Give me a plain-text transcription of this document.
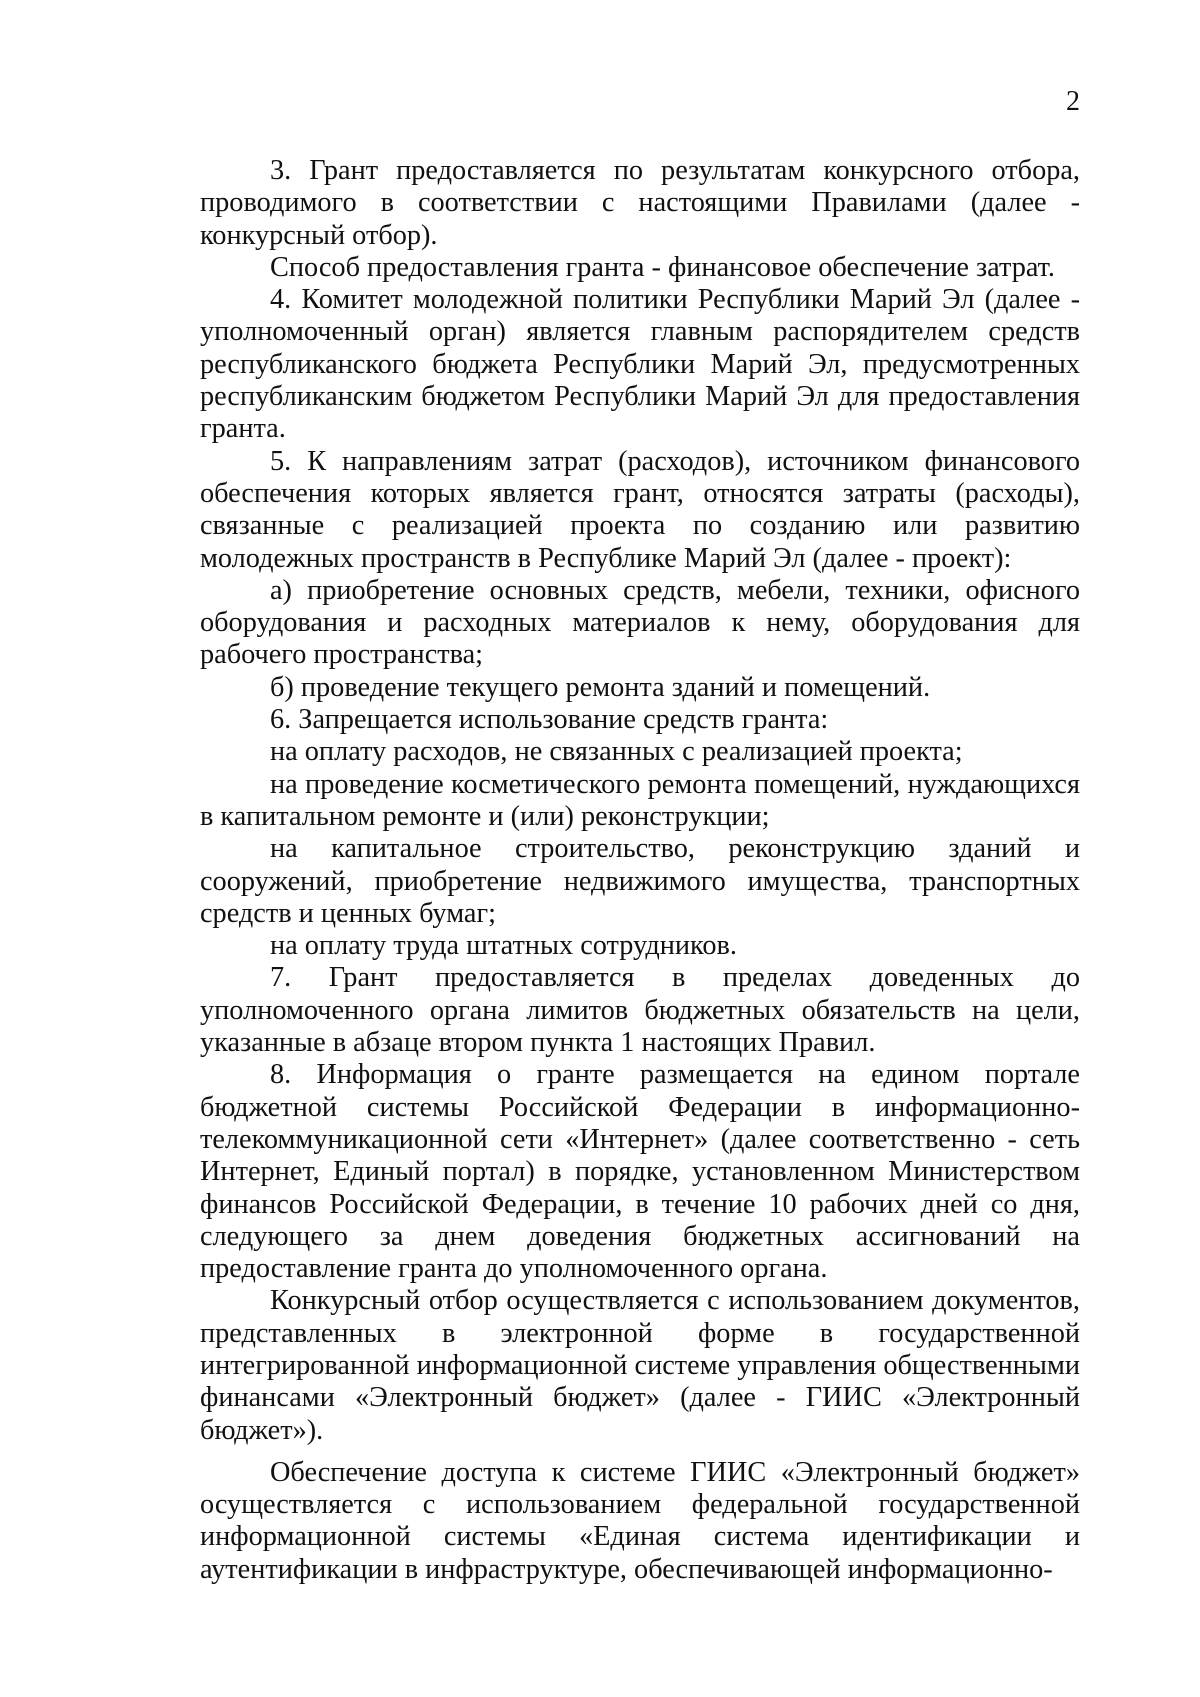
2

3. Грант предоставляется по результатам конкурсного отбора, проводимого в соответствии с настоящими Правилами (далее - конкурсный отбор).

Способ предоставления гранта - финансовое обеспечение затрат.

4. Комитет молодежной политики Республики Марий Эл (далее - уполномоченный орган) является главным распорядителем средств республиканского бюджета Республики Марий Эл, предусмотренных республиканским бюджетом Республики Марий Эл для предоставления гранта.

5. К направлениям затрат (расходов), источником финансового обеспечения которых является грант, относятся затраты (расходы), связанные с реализацией проекта по созданию или развитию молодежных пространств в Республике Марий Эл (далее - проект):

а) приобретение основных средств, мебели, техники, офисного оборудования и расходных материалов к нему, оборудования для рабочего пространства;

б) проведение текущего ремонта зданий и помещений.

6. Запрещается использование средств гранта:

на оплату расходов, не связанных с реализацией проекта;

на проведение косметического ремонта помещений, нуждающихся в капитальном ремонте и (или) реконструкции;

на капитальное строительство, реконструкцию зданий и сооружений, приобретение недвижимого имущества, транспортных средств и ценных бумаг;

на оплату труда штатных сотрудников.

7. Грант предоставляется в пределах доведенных до уполномоченного органа лимитов бюджетных обязательств на цели, указанные в абзаце втором пункта 1 настоящих Правил.

8. Информация о гранте размещается на едином портале бюджетной системы Российской Федерации в информационно-телекоммуникационной сети «Интернет» (далее соответственно - сеть Интернет, Единый портал) в порядке, установленном Министерством финансов Российской Федерации, в течение 10 рабочих дней со дня, следующего за днем доведения бюджетных ассигнований на предоставление гранта до уполномоченного органа.

Конкурсный отбор осуществляется с использованием документов, представленных в электронной форме в государственной интегрированной информационной системе управления общественными финансами «Электронный бюджет» (далее - ГИИС «Электронный бюджет»).

Обеспечение доступа к системе ГИИС «Электронный бюджет» осуществляется с использованием федеральной государственной информационной системы «Единая система идентификации и аутентификации в инфраструктуре, обеспечивающей информационно-
